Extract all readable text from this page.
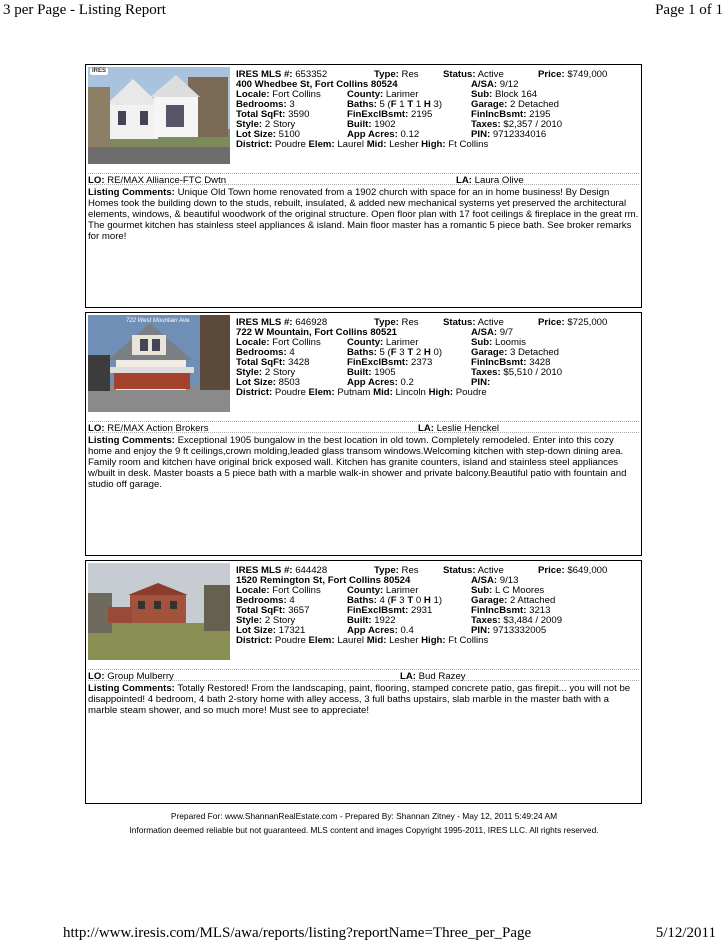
3 per Page - Listing Report	Page 1 of 1
IRES	IRES MLS #: 653352	Type: Res	Status: Active	Price: $749,000
400 Whedbee St, Fort Collins 80524	A/SA: 9/12
Locale: Fort Collins	County: Larimer	Sub: Block 164
Bedrooms: 3	Baths: 5 (F 1 T 1 H 3)	Garage: 2 Detached
Total SqFt: 3590	FinExclBsmt: 2195	FinIncBsmt: 2195
Style: 2 Story	Built: 1902	Taxes: $2,357 / 2010
Lot Size: 5100	App Acres: 0.12	PIN: 9712334016
District: Poudre Elem: Laurel Mid: Lesher High: Ft Collins
LO: RE/MAX Alliance-FTC Dwtn	LA: Laura Olive
Listing Comments: Unique Old Town home renovated from a 1902 church with space for an in home business! By Design Homes took the building down to the studs, rebuilt, insulated, & added new mechanical systems yet preserved the architectural elements, windows, & beautiful woodwork of the original structure. Open floor plan with 17 foot ceilings & fireplace in the great rm. The gourmet kitchen has stainless steel appliances & island. Main floor master has a romantic 5 piece bath. See broker remarks for more!
722 West Mountain Ave.	IRES MLS #: 646928	Type: Res	Status: Active	Price: $725,000
722 W Mountain, Fort Collins 80521	A/SA: 9/7
Locale: Fort Collins	County: Larimer	Sub: Loomis
Bedrooms: 4	Baths: 5 (F 3 T 2 H 0)	Garage: 3 Detached
Total SqFt: 3428	FinExclBsmt: 2373	FinIncBsmt: 3428
Style: 2 Story	Built: 1905	Taxes: $5,510 / 2010
Lot Size: 8503	App Acres: 0.2	PIN:
District: Poudre Elem: Putnam Mid: Lincoln High: Poudre
LO: RE/MAX Action Brokers	LA: Leslie Henckel
Listing Comments: Exceptional 1905 bungalow in the best location in old town. Completely remodeled. Enter into this cozy home and enjoy the 9 ft ceilings,crown molding,leaded glass transom windows.Welcoming kitchen with step-down dining area. Family room and kitchen have original brick exposed wall. Kitchen has granite counters, island and stainless steel appliances w/built in desk. Master boasts a 5 piece bath with a marble walk-in shower and private balcony.Beautiful patio with fountain and studio off garage.
IRES MLS #: 644428	Type: Res	Status: Active	Price: $649,000
1520 Remington St, Fort Collins 80524	A/SA: 9/13
Locale: Fort Collins	County: Larimer	Sub: L C Moores
Bedrooms: 4	Baths: 4 (F 3 T 0 H 1)	Garage: 2 Attached
Total SqFt: 3657	FinExclBsmt: 2931	FinIncBsmt: 3213
Style: 2 Story	Built: 1922	Taxes: $3,484 / 2009
Lot Size: 17321	App Acres: 0.4	PIN: 9713332005
District: Poudre Elem: Laurel Mid: Lesher High: Ft Collins
LO: Group Mulberry	LA: Bud Razey
Listing Comments: Totally Restored! From the landscaping, paint, flooring, stamped concrete patio, gas firepit... you will not be disappointed! 4 bedroom, 4 bath 2-story home with alley access, 3 full baths upstairs, slab marble in the master bath with a marble steam shower, and so much more! Must see to appreciate!
Prepared For: www.ShannanRealEstate.com - Prepared By: Shannan Zitney - May 12, 2011 5:49:24 AM
Information deemed reliable but not guaranteed. MLS content and images Copyright 1995-2011, IRES LLC. All rights reserved.
http://www.iresis.com/MLS/awa/reports/listing?reportName=Three_per_Page	5/12/2011
